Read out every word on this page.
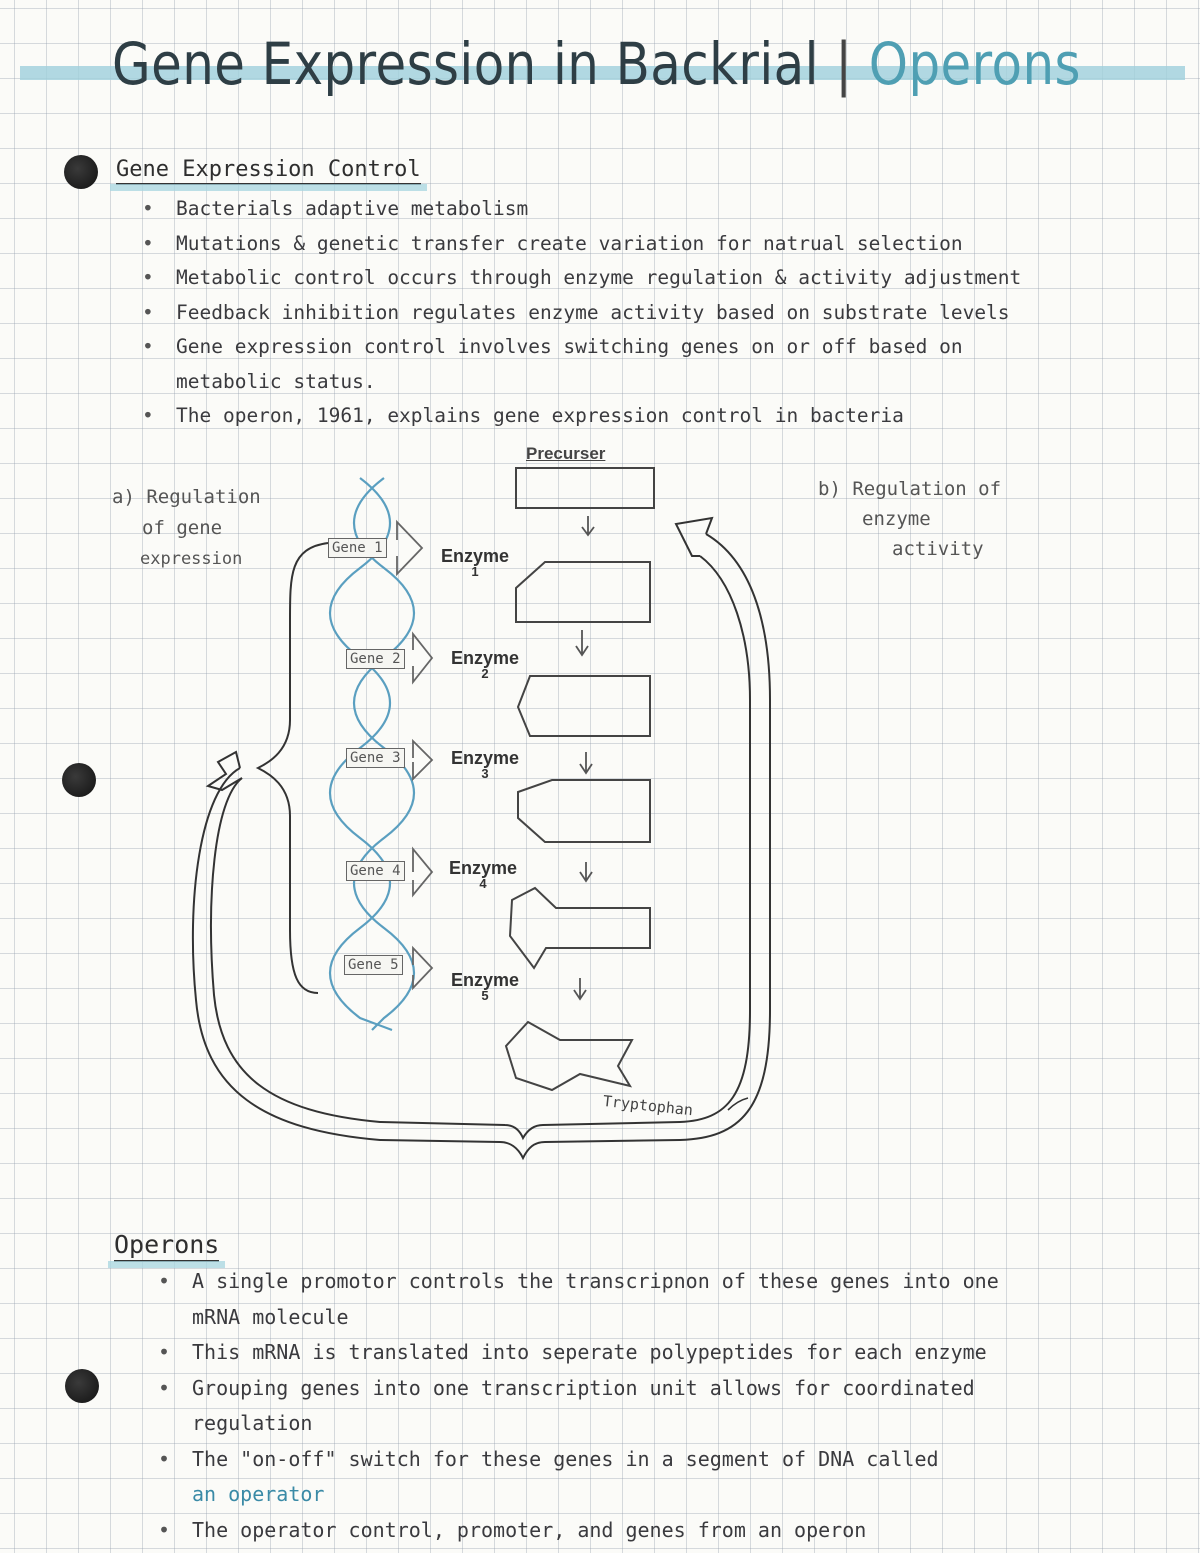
Gene Expression in Backrial | Operons
Gene Expression Control
• Bacterials adaptive metabolism
• Mutations & genetic transfer create variation for natrual selection
• Metabolic control occurs through enzyme regulation & activity adjustment
• Feedback inhibition regulates enzyme activity based on substrate levels
• Gene expression control involves switching genes on or off based on
metabolic status.
• The operon, 1961, explains gene expression control in bacteria
Precurser
a) Regulation
of gene
expression
b) Regulation of
enzyme
activity
Gene 1
Gene 2
Gene 3
Gene 4
Gene 5
Enzyme
1
Enzyme
2
Enzyme
3
Enzyme
4
Enzyme
5
Tryptophan
Operons
• A single promotor controls the transcripnon of these genes into one
mRNA molecule
• This mRNA is translated into seperate polypeptides for each enzyme
• Grouping genes into one transcription unit allows for coordinated
regulation
• The "on-off" switch for these genes in a segment of DNA called
an operator
• The operator control, promoter, and genes from an operon
